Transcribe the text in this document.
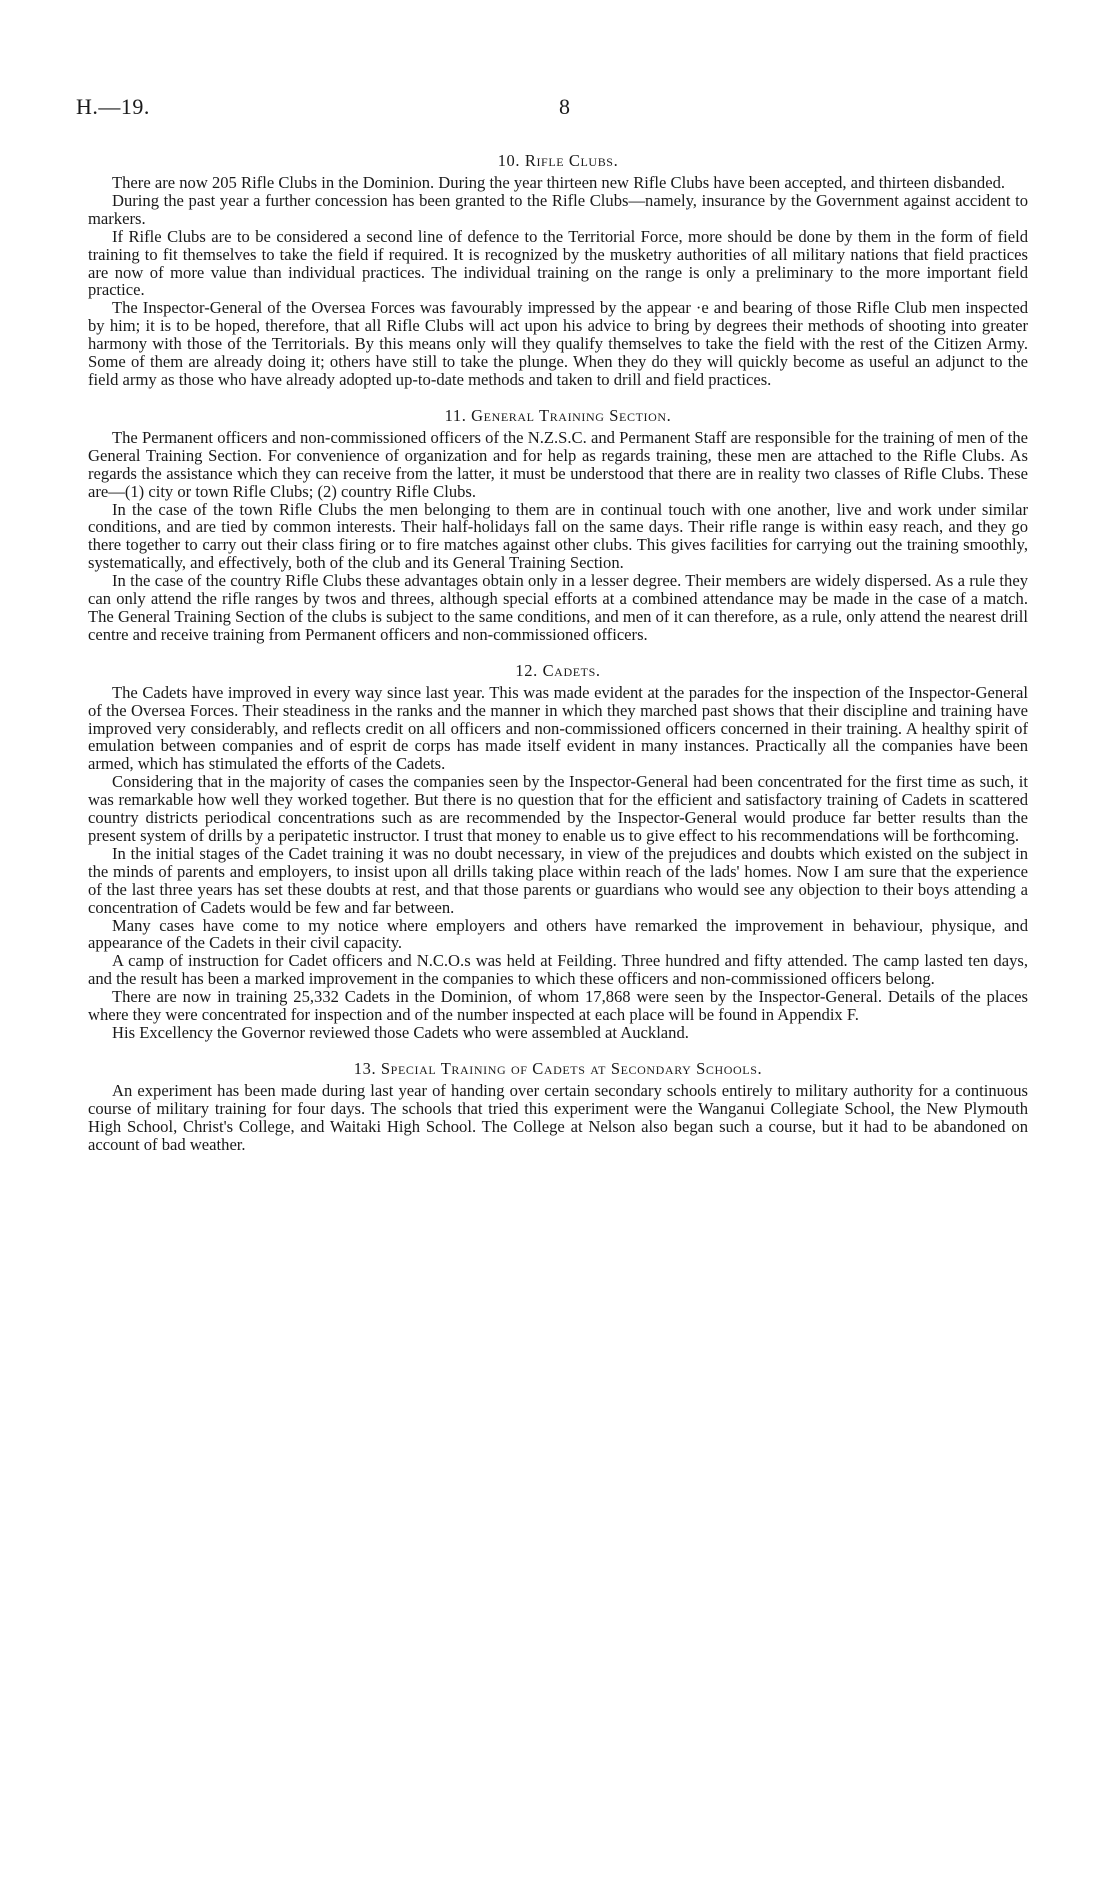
H.—19.	8
10. Rifle Clubs.

There are now 205 Rifle Clubs in the Dominion. During the year thirteen new Rifle Clubs have been accepted, and thirteen disbanded.

During the past year a further concession has been granted to the Rifle Clubs—namely, insurance by the Government against accident to markers.

If Rifle Clubs are to be considered a second line of defence to the Territorial Force, more should be done by them in the form of field training to fit themselves to take the field if required. It is recognized by the musketry authorities of all military nations that field practices are now of more value than individual practices. The individual training on the range is only a preliminary to the more important field practice.

The Inspector-General of the Oversea Forces was favourably impressed by the appear ·e and bearing of those Rifle Club men inspected by him; it is to be hoped, therefore, that all Rifle Clubs will act upon his advice to bring by degrees their methods of shooting into greater harmony with those of the Territorials. By this means only will they qualify themselves to take the field with the rest of the Citizen Army. Some of them are already doing it; others have still to take the plunge. When they do they will quickly become as useful an adjunct to the field army as those who have already adopted up-to-date methods and taken to drill and field practices.

11. General Training Section.

The Permanent officers and non-commissioned officers of the N.Z.S.C. and Permanent Staff are responsible for the training of men of the General Training Section. For convenience of organization and for help as regards training, these men are attached to the Rifle Clubs. As regards the assistance which they can receive from the latter, it must be understood that there are in reality two classes of Rifle Clubs. These are—(1) city or town Rifle Clubs; (2) country Rifle Clubs.

In the case of the town Rifle Clubs the men belonging to them are in continual touch with one another, live and work under similar conditions, and are tied by common interests. Their half-holidays fall on the same days. Their rifle range is within easy reach, and they go there together to carry out their class firing or to fire matches against other clubs. This gives facilities for carrying out the training smoothly, systematically, and effectively, both of the club and its General Training Section.

In the case of the country Rifle Clubs these advantages obtain only in a lesser degree. Their members are widely dispersed. As a rule they can only attend the rifle ranges by twos and threes, although special efforts at a combined attendance may be made in the case of a match. The General Training Section of the clubs is subject to the same conditions, and men of it can therefore, as a rule, only attend the nearest drill centre and receive training from Permanent officers and non-commissioned officers.

12. Cadets.

The Cadets have improved in every way since last year. This was made evident at the parades for the inspection of the Inspector-General of the Oversea Forces. Their steadiness in the ranks and the manner in which they marched past shows that their discipline and training have improved very considerably, and reflects credit on all officers and non-commissioned officers concerned in their training. A healthy spirit of emulation between companies and of esprit de corps has made itself evident in many instances. Practically all the companies have been armed, which has stimulated the efforts of the Cadets.

Considering that in the majority of cases the companies seen by the Inspector-General had been concentrated for the first time as such, it was remarkable how well they worked together. But there is no question that for the efficient and satisfactory training of Cadets in scattered country districts periodical concentrations such as are recommended by the Inspector-General would produce far better results than the present system of drills by a peripatetic instructor. I trust that money to enable us to give effect to his recommendations will be forthcoming.

In the initial stages of the Cadet training it was no doubt necessary, in view of the prejudices and doubts which existed on the subject in the minds of parents and employers, to insist upon all drills taking place within reach of the lads' homes. Now I am sure that the experience of the last three years has set these doubts at rest, and that those parents or guardians who would see any objection to their boys attending a concentration of Cadets would be few and far between.

Many cases have come to my notice where employers and others have remarked the improvement in behaviour, physique, and appearance of the Cadets in their civil capacity.

A camp of instruction for Cadet officers and N.C.O.s was held at Feilding. Three hundred and fifty attended. The camp lasted ten days, and the result has been a marked improvement in the companies to which these officers and non-commissioned officers belong.

There are now in training 25,332 Cadets in the Dominion, of whom 17,868 were seen by the Inspector-General. Details of the places where they were concentrated for inspection and of the number inspected at each place will be found in Appendix F.

His Excellency the Governor reviewed those Cadets who were assembled at Auckland.

13. Special Training of Cadets at Secondary Schools.

An experiment has been made during last year of handing over certain secondary schools entirely to military authority for a continuous course of military training for four days. The schools that tried this experiment were the Wanganui Collegiate School, the New Plymouth High School, Christ's College, and Waitaki High School. The College at Nelson also began such a course, but it had to be abandoned on account of bad weather.
